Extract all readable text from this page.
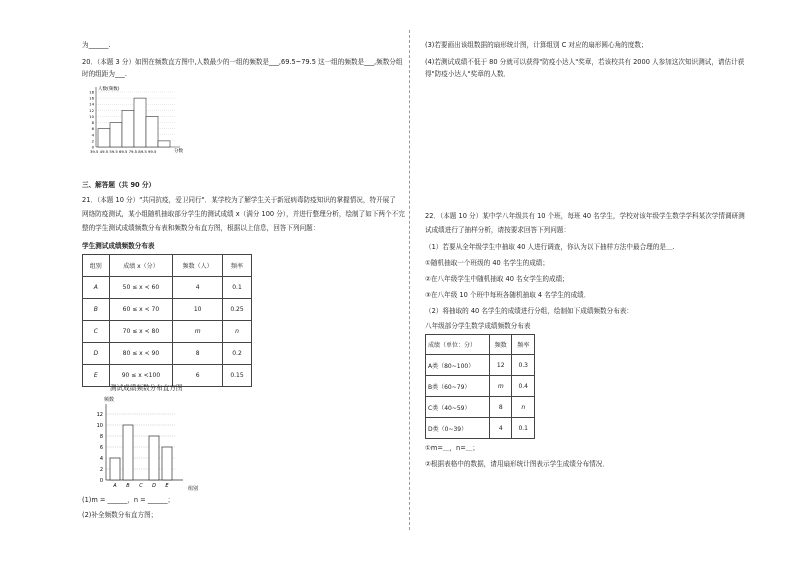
为______.
20．（本题 3 分）如图在频数直方图中,人数最少的一组的频数是___,69.5~79.5 这一组的频数是___,频数分组
时的组距为___.
人数(频数)
分数
39.5 49.5 59.5 69.5 79.5 89.5 99.5
18
16
14
12
10
8
6
4
2
0
三、解答题（共 90 分）
21．（本题 10 分）"共同抗疫，爱卫同行"．某学校为了解学生关于新冠病毒防疫知识的掌握情况，特开展了
网络防疫测试，某小组随机抽取部分学生的测试成绩 x（满分 100 分），并进行整理分析，绘制了如下两个不完
整的学生测试成绩频数分布表和频数分布直方图，根据以上信息，回答下列问题：
学生测试成绩频数分布表
组别	成绩 x（分）	频数（人）	频率
A	50 ≤ x < 60	4	0.1
B	60 ≤ x < 70	10	0.25
C	70 ≤ x < 80	m	n
D	80 ≤ x < 90	8	0.2
E	90 ≤ x <100	6	0.15
测试成绩频数分布直方图
频数
组别
0
2
4
6
8
10
12
A B C D E
(1)m = ______，n = ______；
(2)补全频数分布直方图；
(3)若要画出该组数据的扇形统计图，计算组别 C 对应的扇形圆心角的度数；
(4)若测试成绩不低于 80 分就可以获得"防疫小达人"奖章，若该校共有 2000 人参加这次知识测试，请估计获
得"防疫小达人"奖章的人数．
22．（本题 10 分）某中学八年级共有 10 个班，每班 40 名学生，学校对该年级学生数学学科某次学情调研测
试成绩进行了抽样分析，请按要求回答下列问题：
（1）若要从全年级学生中抽取 40 人进行调查，你认为以下抽样方法中最合理的是＿.
①随机抽取一个班级的 40 名学生的成绩；
②在八年级学生中随机抽取 40 名女学生的成绩；
③在八年级 10 个班中每班各随机抽取 4 名学生的成绩．
（2）将抽取的 40 名学生的成绩进行分组，绘制如下成绩频数分布表：
八年级部分学生数学成绩频数分布表
成绩（单位：分）	频数	频率
A类（80~100）	12	0.3
B类（60~79）	m	0.4
C类（40~59）	8	n
D类（0~39）	4	0.1
①m=＿，n=＿；
②根据表格中的数据，请用扇形统计图表示学生成绩分布情况．
